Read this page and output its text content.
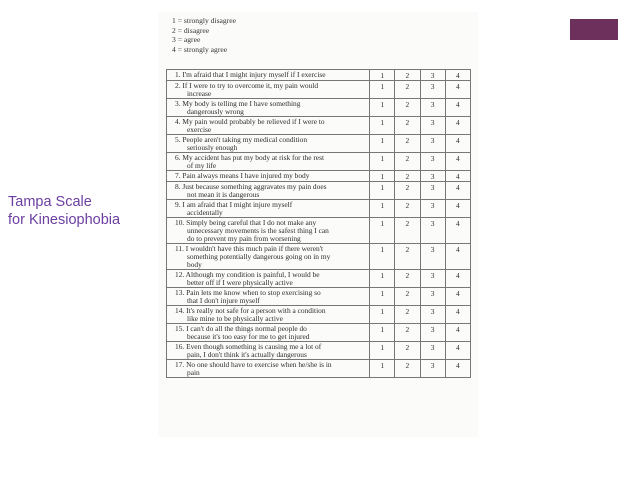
Tampa Scale
for Kinesiophobia
1 = strongly disagree
2 = disagree
3 = agree
4 = strongly agree
1. I'm afraid that I might injury myself if I exercise	1	2	3	4

2. If I were to try to overcome it, my pain would
increase	1	2	3	4

3. My body is telling me I have something
dangerously wrong	1	2	3	4

4. My pain would probably be relieved if I were to
exercise	1	2	3	4

5. People aren't taking my medical condition
seriously enough	1	2	3	4

6. My accident has put my body at risk for the rest
of my life	1	2	3	4

7. Pain always means I have injured my body	1	2	3	4

8. Just because something aggravates my pain does
not mean it is dangerous	1	2	3	4

9. I am afraid that I might injure myself
accidentally	1	2	3	4

10. Simply being careful that I do not make any
unnecessary movements is the safest thing I can
do to prevent my pain from worsening	1	2	3	4

11. I wouldn't have this much pain if there weren't
something potentially dangerous going on in my
body	1	2	3	4

12. Although my condition is painful, I would be
better off if I were physically active	1	2	3	4

13. Pain lets me know when to stop exercising so
that I don't injure myself	1	2	3	4

14. It's really not safe for a person with a condition
like mine to be physically active	1	2	3	4

15. I can't do all the things normal people do
because it's too easy for me to get injured	1	2	3	4

16. Even though something is causing me a lot of
pain, I don't think it's actually dangerous	1	2	3	4

17. No one should have to exercise when he/she is in
pain	1	2	3	4
